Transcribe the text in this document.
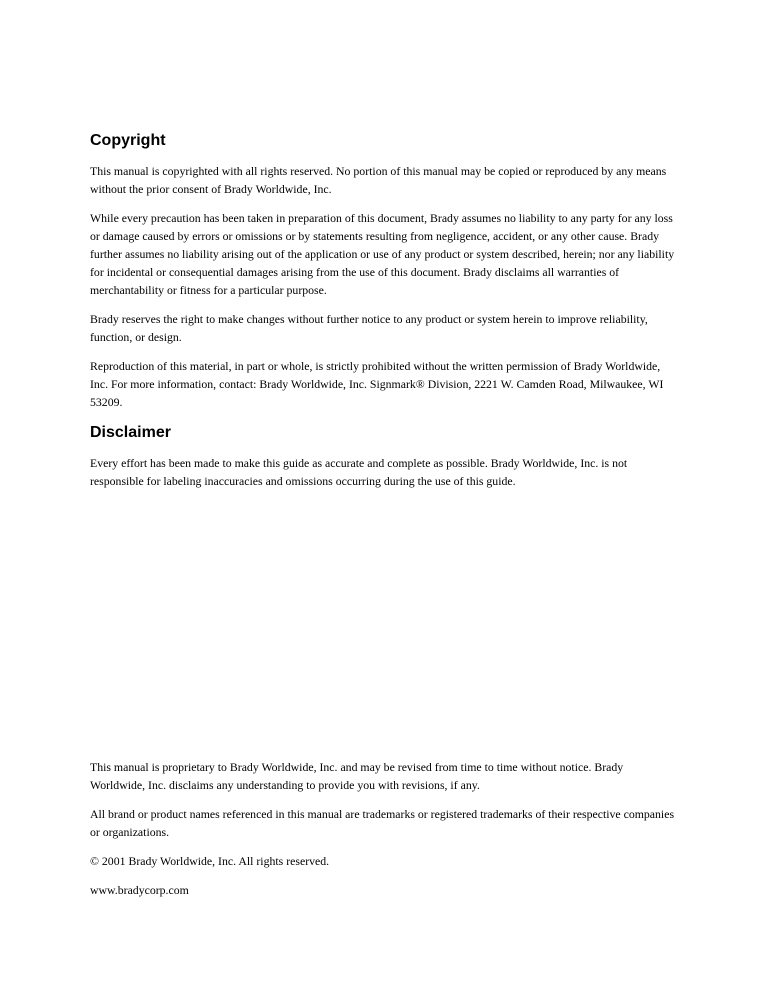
Copyright

This manual is copyrighted with all rights reserved. No portion of this manual may be copied or reproduced by any means without the prior consent of Brady Worldwide, Inc.

While every precaution has been taken in preparation of this document, Brady assumes no liability to any party for any loss or damage caused by errors or omissions or by statements resulting from negligence, accident, or any other cause. Brady further assumes no liability arising out of the application or use of any product or system described, herein; nor any liability for incidental or consequential damages arising from the use of this document. Brady disclaims all warranties of merchantability or fitness for a particular purpose.

Brady reserves the right to make changes without further notice to any product or system herein to improve reliability, function, or design.

Reproduction of this material, in part or whole, is strictly prohibited without the written permission of Brady Worldwide, Inc. For more information, contact: Brady Worldwide, Inc. Signmark® Division, 2221 W. Camden Road, Milwaukee, WI 53209.

Disclaimer

Every effort has been made to make this guide as accurate and complete as possible. Brady Worldwide, Inc. is not responsible for labeling inaccuracies and omissions occurring during the use of this guide.

This manual is proprietary to Brady Worldwide, Inc. and may be revised from time to time without notice. Brady Worldwide, Inc. disclaims any understanding to provide you with revisions, if any.

All brand or product names referenced in this manual are trademarks or registered trademarks of their respective companies or organizations.

© 2001 Brady Worldwide, Inc. All rights reserved.

www.bradycorp.com
